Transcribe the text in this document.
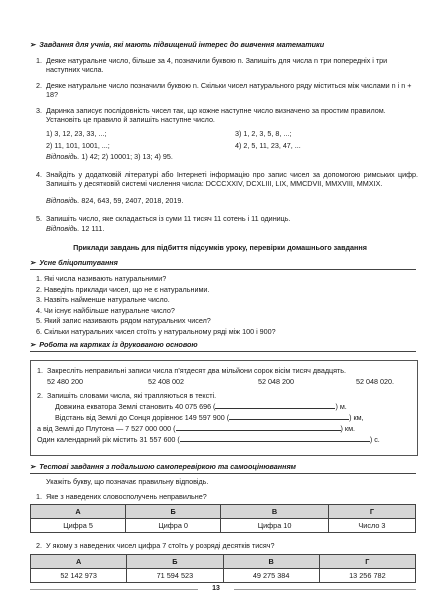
➢ Завдання для учнів, які мають підвищений інтерес до вивчення математики
1. Деяке натуральне число, більше за 4, позначили буквою n. Запишіть для числа n три попередніх і три наступних числа.
2. Деяке натуральне число позначили буквою n. Скільки чисел натурального ряду міститься між числами n і n + 18?
3. Даринка записує послідовність чисел так, що кожне наступне число визначено за простим правилом. Установіть це правило й запишіть наступне число.
1) 3, 12, 23, 33, ...;	3) 1, 2, 3, 5, 8, ...;
2) 11, 101, 1001, ...;	4) 2, 5, 11, 23, 47, ...
Відповідь. 1) 42; 2) 10001; 3) 13; 4) 95.
4. Знайдіть у додатковій літературі або Інтернеті інформацію про запис чисел за допомогою римських цифр. Запишіть у десятковій системі числення числа: DCCCXXIV, DCXLIII, LIX, MMCDVII, MMXVIII, MMXIX.
Відповідь. 824, 643, 59, 2407, 2018, 2019.
5. Запишіть число, яке складається із суми 11 тисяч 11 сотень і 11 одиниць.
Відповідь. 12 111.
Приклади завдань для підбиття підсумків уроку, перевірки домашнього завдання
➢ Усне бліцопитування
1. Які числа називають натуральними?
2. Наведіть приклади чисел, що не є натуральними.
3. Назвіть найменше натуральне число.
4. Чи існує найбільше натуральне число?
5. Який запис називають рядом натуральних чисел?
6. Скільки натуральних чисел стоїть у натуральному ряді між 100 і 900?
➢ Робота на картках із друкованою основою
1. Закресліть неправильні записи числа п'ятдесят два мільйони сорок вісім тисяч двадцять.
52 480 200	52 408 002	52 048 200	52 048 020.
2. Запишіть словами числа, які трапляються в тексті.
Довжина екватора Землі становить 40 075 696 (	) м.
Відстань від Землі до Сонця дорівнює 149 597 900 (	) км,
а від Землі до Плутона — 7 527 000 000 (	) км.
Один календарний рік містить 31 557 600 (	) с.
➢ Тестові завдання з подальшою самоперевіркою та самооцінюванням
Укажіть букву, що позначає правильну відповідь.
1. Яке з наведених словосполучень неправильне?
А	Б	В	Г
Цифра 5	Цифра 0	Цифра 10	Число 3
2. У якому з наведених чисел цифра 7 стоїть у розряді десятків тисяч?
А	Б	В	Г
52 142 973	71 594 523	49 275 384	13 256 782
13
